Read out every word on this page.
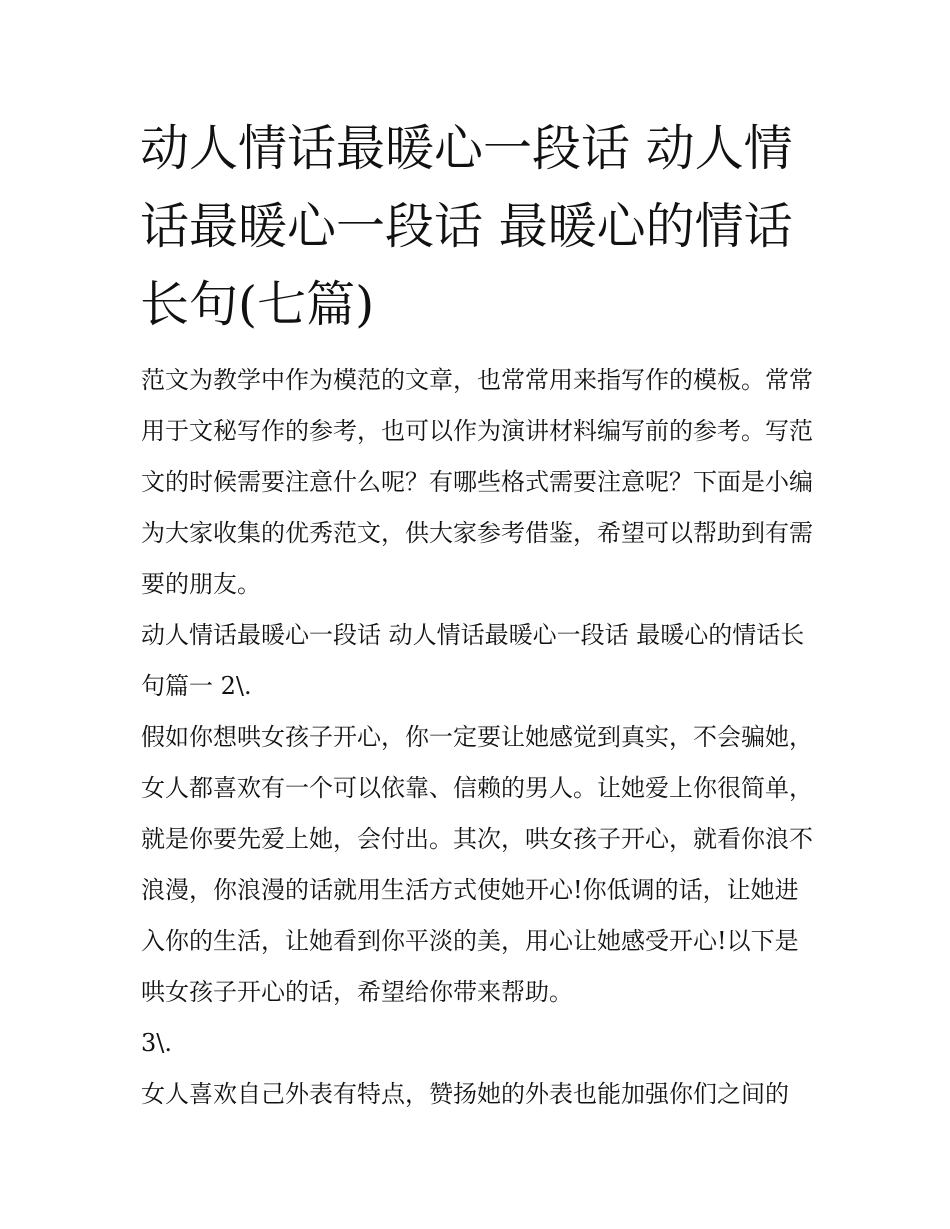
动人情话最暖心一段话 动人情话最暖心一段话 最暖心的情话长句(七篇)

范文为教学中作为模范的文章，也常常用来指写作的模板。常常用于文秘写作的参考，也可以作为演讲材料编写前的参考。写范文的时候需要注意什么呢？有哪些格式需要注意呢？下面是小编为大家收集的优秀范文，供大家参考借鉴，希望可以帮助到有需要的朋友。

动人情话最暖心一段话 动人情话最暖心一段话 最暖心的情话长句篇一 2\.

假如你想哄女孩子开心，你一定要让她感觉到真实，不会骗她，女人都喜欢有一个可以依靠、信赖的男人。让她爱上你很简单，就是你要先爱上她，会付出。其次，哄女孩子开心，就看你浪不浪漫，你浪漫的话就用生活方式使她开心!你低调的话，让她进入你的生活，让她看到你平淡的美，用心让她感受开心!以下是哄女孩子开心的话，希望给你带来帮助。

3\.

女人喜欢自己外表有特点，赞扬她的外表也能加强你们之间的
